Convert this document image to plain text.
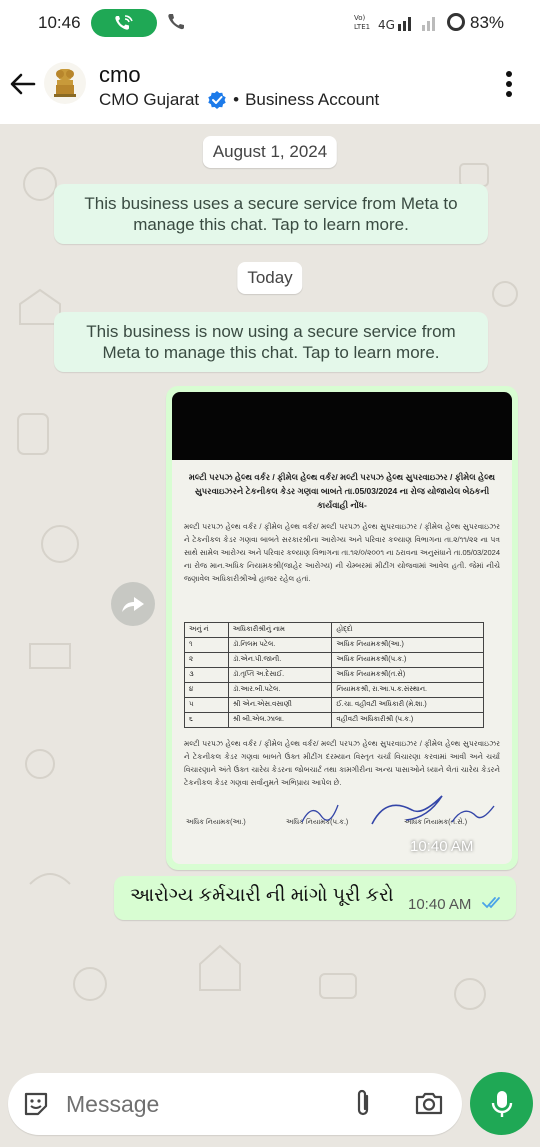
10:46	Vo)
LTE1 4G	83%
cmo
CMO Gujarat • Business Account
August 1, 2024
This business uses a secure service from Meta to manage this chat. Tap to learn more.
Today
This business is now using a secure service from Meta to manage this chat. Tap to learn more.
મલ્ટી પરપઝ હેલ્થ વર્કર / ફીમેલ હેલ્થ વર્કર/ મલ્ટી પરપઝ હેલ્થ સુપરવાઇઝર / ફીમેલ હેલ્થ સુપરવાઇઝરને ટેકનીકલ કેડર ગણવા બાબતે તા.05/03/2024 ના રોજ યોજાયેલ બેઠકની કાર્યવાહી નોંધ-
મલ્ટી પરપઝ હેલ્થ વર્કર / ફીમેલ હેલ્થ વર્કર/ મલ્ટી પરપઝ હેલ્થ સુપરવાઇઝર / ફીમેલ હેલ્થ સુપરવાઇઝર ને ટેકનીકલ કેડર ગણવા બાબતે સરકારશ્રીના આરોગ્ય અને પરિવાર કલ્યાણ વિભાગના તા.૨/૧૧/૨૨ ના પત્ર સાથે સામેલ આરોગ્ય અને પરિવાર કલ્યાણ વિભાગના તા.૧૨/૦/૨૦૦૧ ના ઠરાવના અનુસંધાને તા.05/03/2024 ના રોજ માન.અધિક નિયામકશ્રી(જાહેર આરોગ્ય) ની ચેમ્બરમાં મીટીંગ યોજવામાં આવેલ હતી. જેમાં નીચે જણાવેલ અધિકારીશ્રીઓ હાજર રહેલ હતાં.
અનું નં	અધિકારીશ્રીનું નામ	હોદ્દો
૧	ડૉ.નિલમ પટેલ.	અધિક નિયામકશ્રી(આ.)
૨	ડૉ.એન.પી.જાની.	અધિક નિયામકશ્રી(પ.ક.)
૩	ડૉ.તૃપ્તિ અ.દેસાઈ.	અધિક નિયામકશ્રી(ત.સે)
૪	ડૉ.આર.બી.પટેલ.	નિયામકશ્રી, રા.આ.પ.ક.સંસ્થાન.
૫	શ્રી એન.એસ.વસાણી	ઈ.ચા. વહીવટી અધિકારી (મે.શા.)
૬	શ્રી બી.એલ.ઝાલા.	વહીવટી અધિકારીશ્રી (પ.ક.)
મલ્ટી પરપઝ હેલ્થ વર્કર / ફીમેલ હેલ્થ વર્કર/ મલ્ટી પરપઝ હેલ્થ સુપરવાઇઝર / ફીમેલ હેલ્થ સુપરવાઇઝર ને ટેકનીકલ કેડર ગણવા બાબતે ઉક્ત મીટીંગ દરમ્યાન વિસ્તૃત ચર્ચા વિચારણા કરવામાં આવી અને ચર્ચા વિચારણાને અંતે ઉક્ત ચારેય કેડરના જોબચાર્ટ તથા કામગીરીના અન્ય પાસાઓને ધ્યાને લેતાં ચારેય કેડરને ટેકનીકલ કેડર ગણવા સર્વાનુમતે અભિપ્રાય આપેલ છે.
અધિક નિયામક(આ.)	અધિક નિયામક(પ.ક.)	અધિક નિયામક(ત.સે.)
10:40 AM
આરોગ્ય કર્મચારી ની માંગો પૂરી કરો 10:40 AM
Message
